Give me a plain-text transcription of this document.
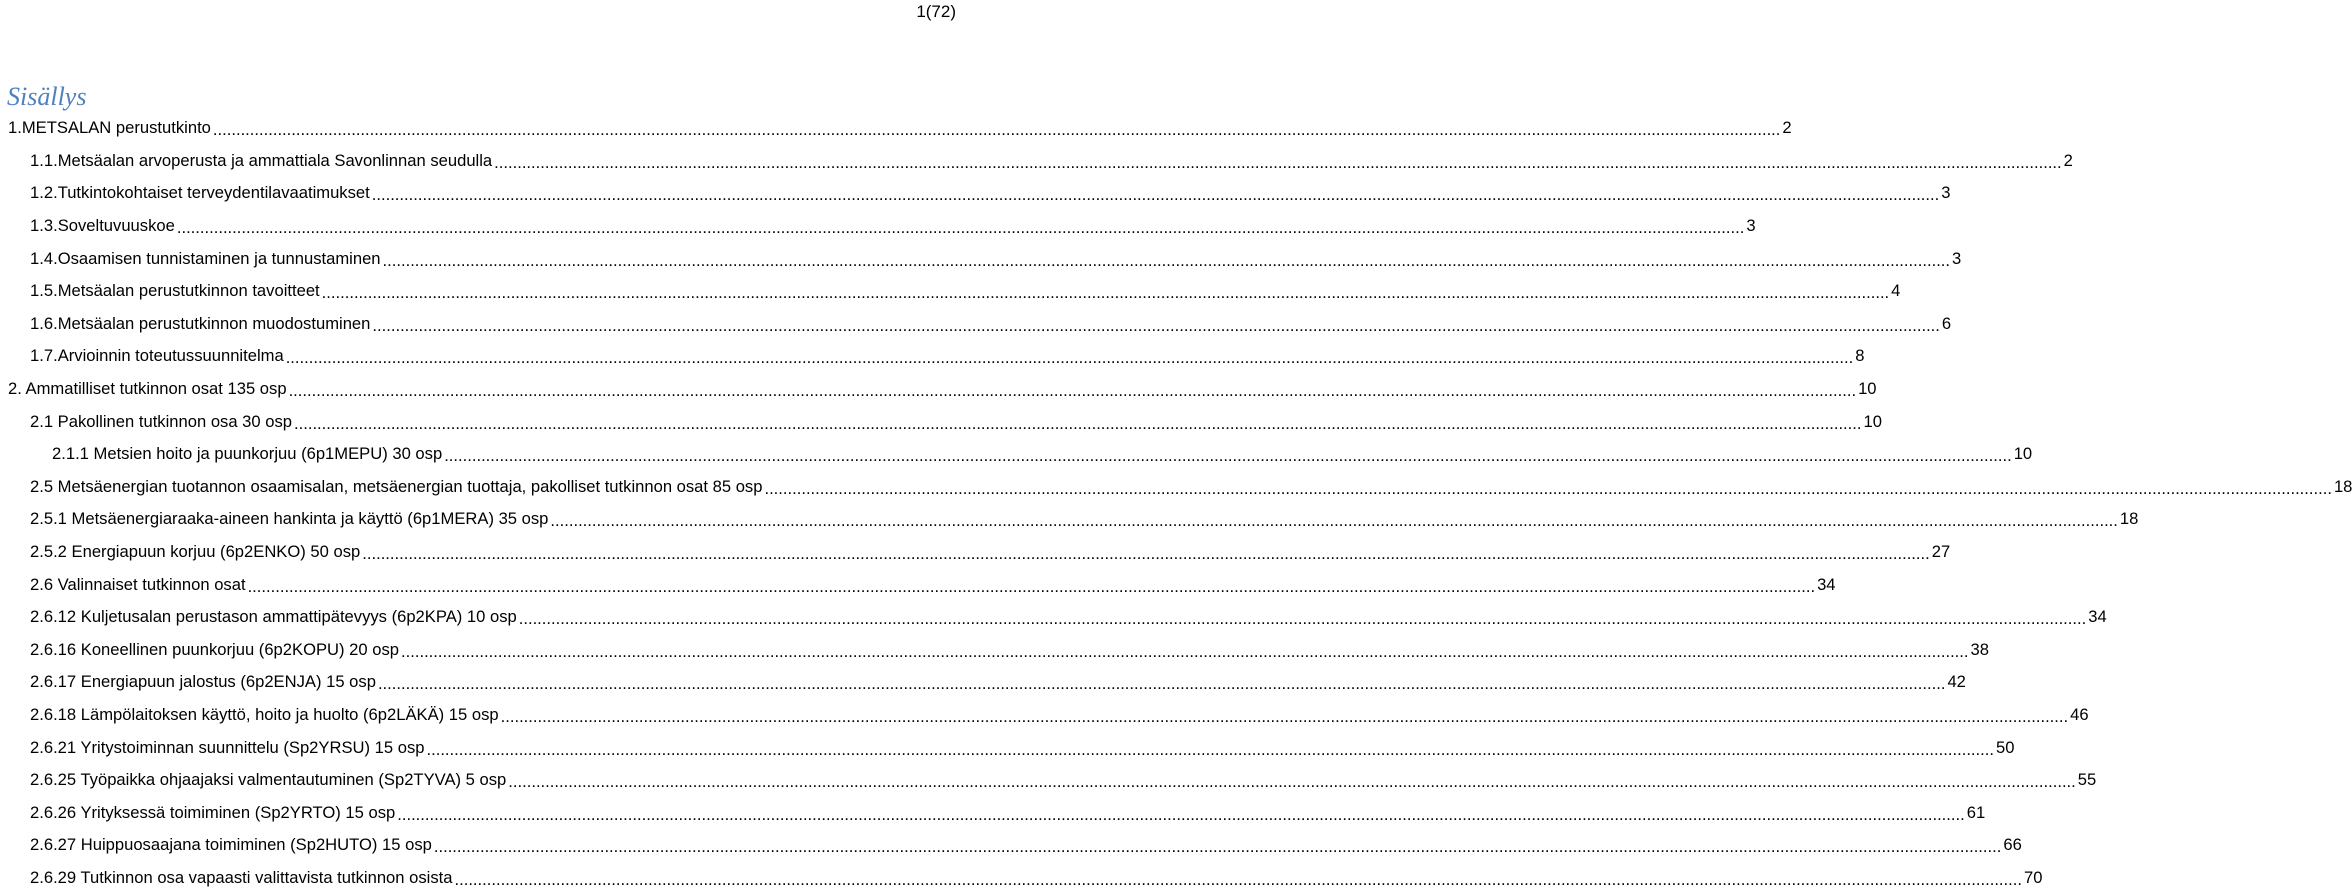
1(72)
Sisällys
1. METSALAN perustutkinto .....	2
1.1. Metsäalan arvoperusta ja ammattiala Savonlinnan seudulla .....	2
1.2. Tutkintokohtaiset terveydentilavaatimukset .....	3
1.3. Soveltuvuuskoe .....	3
1.4. Osaamisen tunnistaminen ja tunnustaminen .....	3
1.5. Metsäalan perustutkinnon tavoitteet .....	4
1.6. Metsäalan perustutkinnon muodostuminen .....	6
1.7. Arvioinnin toteutussuunnitelma .....	8
2. Ammatilliset tutkinnon osat 135 osp .....	10
2.1 Pakollinen tutkinnon osa 30 osp .....	10
2.1.1 Metsien hoito ja puunkorjuu (6p1MEPU) 30 osp .....	10
2.5 Metsäenergian tuotannon osaamisalan, metsäenergian tuottaja, pakolliset tutkinnon osat 85 osp .....	18
2.5.1 Metsäenergiaraaka-aineen hankinta ja käyttö (6p1MERA) 35 osp .....	18
2.5.2 Energiapuun korjuu (6p2ENKO) 50 osp .....	27
2.6 Valinnaiset tutkinnon osat .....	34
2.6.12 Kuljetusalan perustason ammattipätevyys (6p2KPA) 10 osp .....	34
2.6.16 Koneellinen puunkorjuu (6p2KOPU) 20 osp .....	38
2.6.17 Energiapuun jalostus (6p2ENJA) 15 osp .....	42
2.6.18 Lämpölaitoksen käyttö, hoito ja huolto (6p2LÄKÄ) 15 osp .....	46
2.6.21 Yritystoiminnan suunnittelu (Sp2YRSU) 15 osp .....	50
2.6.25 Työpaikka ohjaajaksi valmentautuminen (Sp2TYVA) 5 osp .....	55
2.6.26 Yrityksessä toimiminen (Sp2YRTO) 15 osp .....	61
2.6.27 Huippuosaajana toimiminen (Sp2HUTO) 15 osp .....	66
2.6.29 Tutkinnon osa vapaasti valittavista tutkinnon osista .....	70
